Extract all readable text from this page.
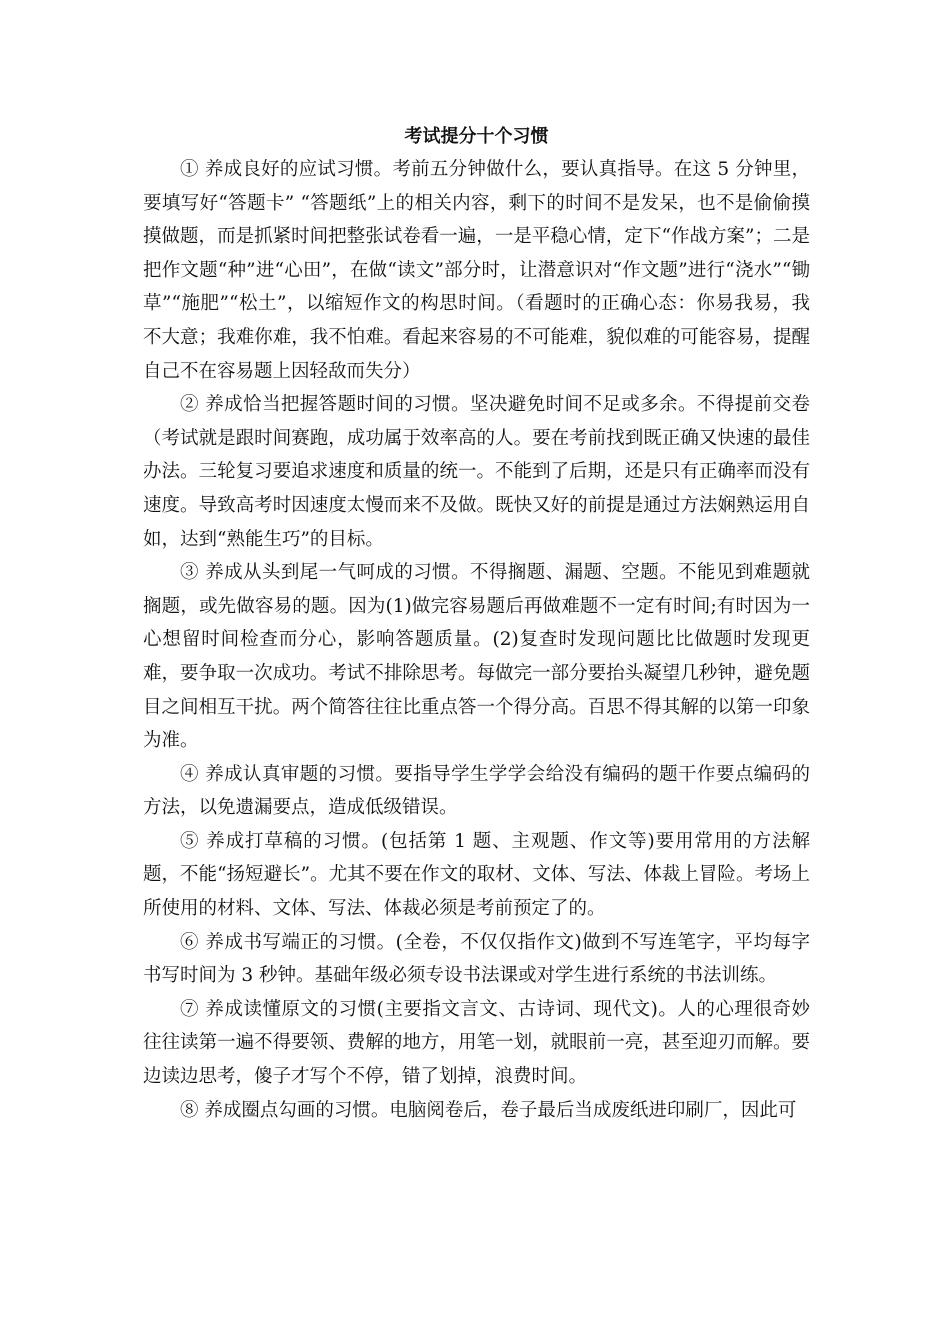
考试提分十个习惯

① 养成良好的应试习惯。考前五分钟做什么，要认真指导。在这 5 分钟里，要填写好“答题卡” “答题纸”上的相关内容，剩下的时间不是发呆，也不是偷偷摸摸做题，而是抓紧时间把整张试卷看一遍，一是平稳心情，定下“作战方案”；二是把作文题“种”进“心田”，在做“读文”部分时，让潜意识对“作文题”进行“浇水”“锄草”“施肥”“松土”，以缩短作文的构思时间。（看题时的正确心态：你易我易，我不大意；我难你难，我不怕难。看起来容易的不可能难，貌似难的可能容易，提醒自己不在容易题上因轻敌而失分）

② 养成恰当把握答题时间的习惯。坚决避免时间不足或多余。不得提前交卷（考试就是跟时间赛跑，成功属于效率高的人。要在考前找到既正确又快速的最佳办法。三轮复习要追求速度和质量的统一。不能到了后期，还是只有正确率而没有速度。导致高考时因速度太慢而来不及做。既快又好的前提是通过方法娴熟运用自如，达到“熟能生巧”的目标。

③ 养成从头到尾一气呵成的习惯。不得搁题、漏题、空题。不能见到难题就搁题，或先做容易的题。因为(1)做完容易题后再做难题不一定有时间;有时因为一心想留时间检查而分心，影响答题质量。(2)复查时发现问题比比做题时发现更难，要争取一次成功。考试不排除思考。每做完一部分要抬头凝望几秒钟，避免题目之间相互干扰。两个简答往往比重点答一个得分高。百思不得其解的以第一印象为准。

④ 养成认真审题的习惯。要指导学生学学会给没有编码的题干作要点编码的方法，以免遗漏要点，造成低级错误。

⑤ 养成打草稿的习惯。(包括第 1 题、主观题、作文等)要用常用的方法解题，不能“扬短避长”。尤其不要在作文的取材、文体、写法、体裁上冒险。考场上所使用的材料、文体、写法、体裁必须是考前预定了的。

⑥ 养成书写端正的习惯。(全卷，不仅仅指作文)做到不写连笔字，平均每字书写时间为 3 秒钟。基础年级必须专设书法课或对学生进行系统的书法训练。

⑦ 养成读懂原文的习惯(主要指文言文、古诗词、现代文)。人的心理很奇妙往往读第一遍不得要领、费解的地方，用笔一划，就眼前一亮，甚至迎刃而解。要边读边思考，傻子才写个不停，错了划掉，浪费时间。

⑧ 养成圈点勾画的习惯。电脑阅卷后，卷子最后当成废纸进印刷厂，因此可
